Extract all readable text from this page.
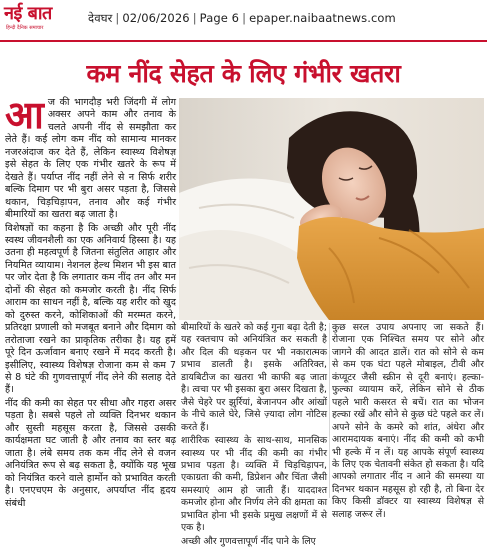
नई बात
हिन्दी दैनिक समाचार
देवघर | 02/06/2026 | Page 6 | epaper.naibaatnews.com
कम नींद सेहत के लिए गंभीर खतरा

आज की भागदौड़ भरी जिंदगी में लोग अक्सर अपने काम और तनाव के चलते अपनी नींद से समझौता कर लेते हैं। कई लोग कम नींद को सामान्य मानकर नजरअंदाज कर देते हैं, लेकिन स्वास्थ्य विशेषज्ञ इसे सेहत के लिए एक गंभीर खतरे के रूप में देखते हैं। पर्याप्त नींद नहीं लेने से न सिर्फ शरीर बल्कि दिमाग पर भी बुरा असर पड़ता है, जिससे थकान, चिड़चिड़ापन, तनाव और कई गंभीर बीमारियों का खतरा बढ़ जाता है।

विशेषज्ञों का कहना है कि अच्छी और पूरी नींद स्वस्थ जीवनशैली का एक अनिवार्य हिस्सा है। यह उतना ही महत्वपूर्ण है जितना संतुलित आहार और नियमित व्यायाम। नेशनल हेल्थ मिशन भी इस बात पर जोर देता है कि लगातार कम नींद तन और मन दोनों की सेहत को कमजोर करती है। नींद सिर्फ आराम का साधन नहीं है, बल्कि यह शरीर को खुद को दुरुस्त करने, कोशिकाओं की मरम्मत करने, प्रतिरक्षा प्रणाली को मजबूत बनाने और दिमाग को तरोताजा रखने का प्राकृतिक तरीका है। यह हमें पूरे दिन ऊर्जावान बनाए रखने में मदद करती है। इसीलिए, स्वास्थ्य विशेषज्ञ रोजाना कम से कम 7 से 8 घंटे की गुणवत्तापूर्ण नींद लेने की सलाह देते हैं।

नींद की कमी का सेहत पर सीधा और गहरा असर पड़ता है। सबसे पहले तो व्यक्ति दिनभर थकान और सुस्ती महसूस करता है, जिससे उसकी कार्यक्षमता घट जाती है और तनाव का स्तर बढ़ जाता है। लंबे समय तक कम नींद लेने से वजन अनियंत्रित रूप से बढ़ सकता है, क्योंकि यह भूख को नियंत्रित करने वाले हार्मोन को प्रभावित करती है। एनएचएम के अनुसार, अपर्याप्त नींद हृदय संबंधी

बीमारियों के खतरे को कई गुना बढ़ा देती है; यह रक्तचाप को अनियंत्रित कर सकती है और दिल की धड़कन पर भी नकारात्मक प्रभाव डालती है। इसके अतिरिक्त, डायबिटीज का खतरा भी काफी बढ़ जाता है। त्वचा पर भी इसका बुरा असर दिखता है, जैसे चेहरे पर झुर्रियां, बेजानपन और आंखों के नीचे काले घेरे, जिसे ज़्यादा लोग नोटिस करते हैं।

शारीरिक स्वास्थ्य के साथ-साथ, मानसिक स्वास्थ्य पर भी नींद की कमी का गंभीर प्रभाव पड़ता है। व्यक्ति में चिड़चिड़ापन, एकाग्रता की कमी, डिप्रेशन और चिंता जैसी समस्याएं आम हो जाती हैं। याददाश्त कमजोर होना और निर्णय लेने की क्षमता का प्रभावित होना भी इसके प्रमुख लक्षणों में से एक है।

अच्छी और गुणवत्तापूर्ण नींद पाने के लिए

कुछ सरल उपाय अपनाए जा सकते हैं। रोजाना एक निश्चित समय पर सोने और जागने की आदत डालें। रात को सोने से कम से कम एक घंटा पहले मोबाइल, टीवी और कंप्यूटर जैसी स्क्रीन से दूरी बनाएं। हल्का-फुल्का व्यायाम करें, लेकिन सोने से ठीक पहले भारी कसरत से बचें। रात का भोजन हल्का रखें और सोने से कुछ घंटे पहले कर लें। अपने सोने के कमरे को शांत, अंधेरा और आरामदायक बनाएं। नींद की कमी को कभी भी हल्के में न लें। यह आपके संपूर्ण स्वास्थ्य के लिए एक चेतावनी संकेत हो सकता है। यदि आपको लगातार नींद न आने की समस्या या दिनभर थकान महसूस हो रही है, तो बिना देर किए किसी डॉक्टर या स्वास्थ्य विशेषज्ञ से सलाह जरूर लें।
